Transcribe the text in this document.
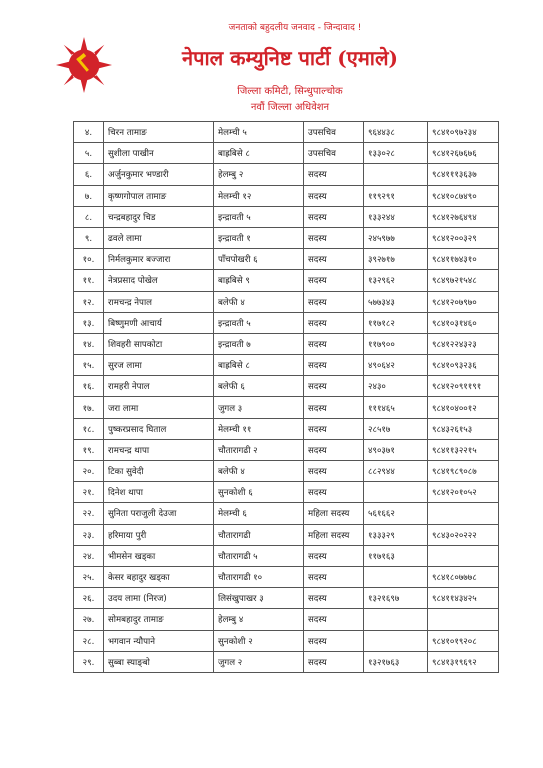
जनताको बहुदलीय जनवाद - जिन्दावाद !
नेपाल कम्युनिष्ट पार्टी (एमाले)
जिल्ला कमिटी, सिन्धुपाल्चोक
नवौं जिल्ला अधिवेशन
४.	चिरन तामाङ	मेलम्ची ५	उपसचिव	९६४४३८	९८४१०९७२३४
५.	सुशीला पाखीन	बाह्रबिसे ८	उपसचिव	१३३०२८	९८४१२६७६७६
६.	अर्जुनकुमार भण्डारी	हेलम्बु २	सदस्य		९८४१११३६३७
७.	कृष्णगोपाल तामाङ	मेलम्ची १२	सदस्य	११९२९१	९८४१०८७४९०
८.	चन्द्रबहादुर चिड	इन्द्रावती ५	सदस्य	१३३२४४	९८४१२७६४९४
९.	ढवले लामा	इन्द्रावती १	सदस्य	२४५९७७	९८४१२००३२९
१०.	निर्मलकुमार बज्जारा	पाँचपोखरी ६	सदस्य	३९२७१७	९८४११७४३१०
११.	नेत्रप्रसाद पोखेल	बाह्रबिसे ९	सदस्य	१३२९६२	९८४९७२१५४८
१२.	रामचन्द्र नेपाल	बलेफी ४	सदस्य	५७७३४३	९८४१२०७९७०
१३.	बिष्णुमणी आचार्य	इन्द्रावती ५	सदस्य	११७१८२	९८४१०३१४६०
१४.	शिवहरी सापकोटा	इन्द्रावती ७	सदस्य	११७९००	९८४१२२४३२३
१५.	सुरज लामा	बाह्रबिसे ८	सदस्य	४९०६४२	९८४१०९३२३६
१६.	रामहरी नेपाल	बलेफी ६	सदस्य	२४३०	९८४१२०९११९१
१७.	जरा लामा	जुगल ३	सदस्य	१११४६५	९८४१०४००१२
१८.	पुष्करप्रसाद घिताल	मेलम्ची ११	सदस्य	२८५१७	९८४३२६१५३
१९.	रामचन्द्र थापा	चौतारागढी २	सदस्य	४९०३७१	९८४११३२२१५
२०.	टिका सुवेदी	बलेफी ४	सदस्य	८८२९४४	९८४१९८९०८७
२१.	दिनेश थापा	सुनकोशी ६	सदस्य		९८४१२०१०५२
२२.	सुनिता पराजुली देउजा	मेलम्ची ६	महिला सदस्य	५६१६६२	
२३.	हरिमाया पुरी	चौतारागढी	महिला सदस्य	१३३३२९	९८४३०२०२२२
२४.	भीमसेन खड्का	चौतारागढी ५	सदस्य	११७१६३	
२५.	केसर बहादुर खड्का	चौतारागढी १०	सदस्य		९८४१८०७७७८
२६.	उदय लामा (निरज)	लिसंखुपाखर ३	सदस्य	१३२१६९७	९८४११४३४२५
२७.	सोमबहादुर तामाङ	हेलम्बु ४	सदस्य		
२८.	भगवान न्यौपाने	सुनकोशी २	सदस्य		९८४१०१९२०८
२९.	सुब्बा स्याङ्बो	जुगल २	सदस्य	१३२१७६३	९८४१३१९६९२
